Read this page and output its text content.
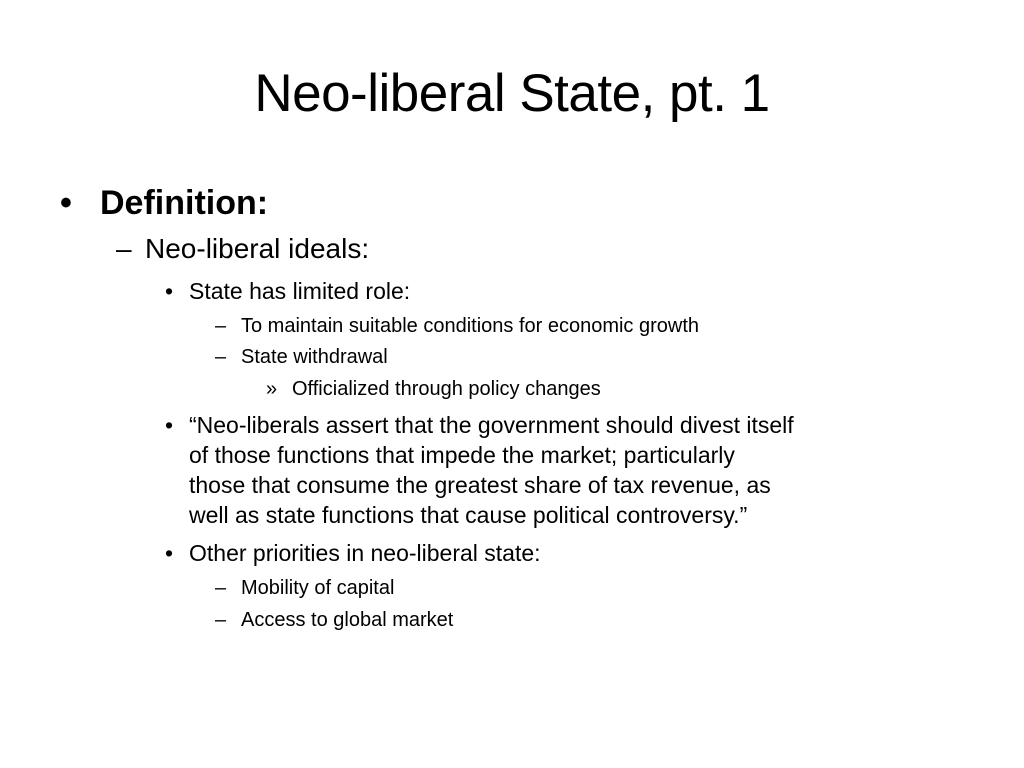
Neo-liberal State, pt. 1
• Definition:
– Neo-liberal ideals:
• State has limited role:
– To maintain suitable conditions for economic growth
– State withdrawal
» Officialized through policy changes
• “Neo-liberals assert that the government should divest itself
of those functions that impede the market; particularly
those that consume the greatest share of tax revenue, as
well as state functions that cause political controversy.”
• Other priorities in neo-liberal state:
– Mobility of capital
– Access to global market
